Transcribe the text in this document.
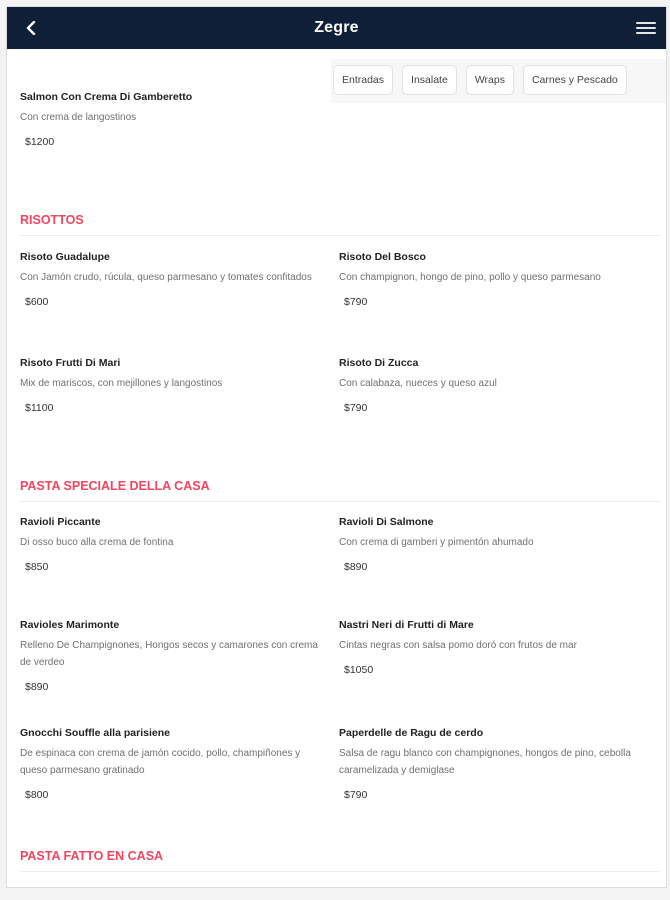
Zegre
Entradas	Insalate	Wraps	Carnes y Pescado
Salmon Con Crema Di Gamberetto
Con crema de langostinos
$1200
RISOTTOS
Risoto Guadalupe
Con Jamón crudo, rúcula, queso parmesano y tomates confitados
$600
Risoto Del Bosco
Con champignon, hongo de pino, pollo y queso parmesano
$790
Risoto Frutti Di Mari
Mix de mariscos, con mejillones y langostinos
$1100
Risoto Di Zucca
Con calabaza, nueces y queso azul
$790
PASTA SPECIALE DELLA CASA
Ravioli Piccante
Di osso buco alla crema de fontina
$850
Ravioli Di Salmone
Con crema di gamberi y pimentón ahumado
$890
Ravioles Marimonte
Relleno De Champignones, Hongos secos y camarones con crema de verdeo
$890
Nastri Neri di Frutti di Mare
Cintas negras con salsa pomo doró con frutos de mar
$1050
Gnocchi Souffle alla parisiene
De espinaca con crema de jamón cocido, pollo, champiñones y queso parmesano gratinado
$800
Paperdelle de Ragu de cerdo
Salsa de ragu blanco con champignones, hongos de pino, cebolla caramelizada y demiglase
$790
PASTA FATTO EN CASA
